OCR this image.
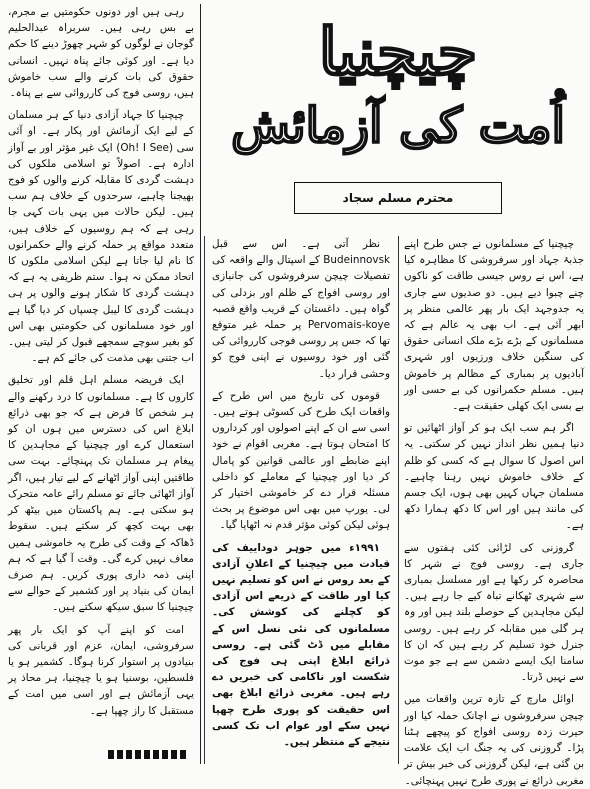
رہی ہیں اور دونوں حکومتیں بے مجرم، بے بس رہی ہیں۔ سربراہ عبدالحلیم گوجان نے لوگوں کو شہر چھوڑ دینے کا حکم دیا ہے۔ اور کوئی جائے پناہ نہیں۔ انسانی حقوق کی بات کرنے والے سب خاموش ہیں، روسی فوج کی کارروائی سے بے پناہ۔

چیچنیا کا جہاد آزادی دنیا کے ہر مسلمان کے لیے ایک آزمائش اور پکار ہے۔ او آئی سی (Oh! I See) ایک غیر مؤثر اور بے آواز ادارہ ہے۔ اصولاً تو اسلامی ملکوں کی دہشت گردی کا مقابلہ کرنے والوں کو فوج بھیجنا چاہیے، سرحدوں کے خلاف ہم سب ہیں۔ لیکن حالات میں یہی بات کہی جا رہی ہے کہ ہم روسیوں کے خلاف ہیں، متعدد مواقع پر حملہ کرنے والے حکمرانوں کا نام لیا جاتا ہے لیکن اسلامی ملکوں کا اتحاد ممکن نہ ہوا۔ ستم ظریفی یہ ہے کہ دہشت گردی کا شکار ہونے والوں پر ہی دہشت گردی کا لیبل چسپاں کر دیا گیا ہے اور خود مسلمانوں کی حکومتیں بھی اس کو بغیر سوچے سمجھے قبول کر لیتی ہیں۔ اب جتنی بھی مذمت کی جائے کم ہے۔

ایک فریضہ مسلم اہل قلم اور تخلیق کاروں کا ہے۔ مسلمانوں کا درد رکھنے والے ہر شخص کا فرض ہے کہ جو بھی ذرائع ابلاغ اس کی دسترس میں ہوں ان کو استعمال کرے اور چیچنیا کے مجاہدین کا پیغام ہر مسلمان تک پہنچائے۔ بہت سی طاقتیں اپنی آواز اٹھانے کے لیے تیار ہیں، اگر آواز اٹھائی جائے تو مسلم رائے عامہ متحرک ہو سکتی ہے۔ ہم پاکستان میں بیٹھ کر بھی بہت کچھ کر سکتے ہیں۔ سقوط ڈھاکہ کے وقت کی طرح یہ خاموشی ہمیں معاف نہیں کرے گی۔ وقت آ گیا ہے کہ ہم اپنی ذمہ داری پوری کریں۔ ہم صرف ایمان کی بنیاد پر اور کشمیر کے حوالے سے چیچنیا کا سبق سیکھ سکتے ہیں۔

امت کو اپنے آپ کو ایک بار پھر سرفروشی، ایمان، عزم اور قربانی کی بنیادوں پر استوار کرنا ہوگا۔ کشمیر ہو یا فلسطین، بوسنیا ہو یا چیچنیا، ہر محاذ پر یہی آزمائش ہے اور اسی میں امت کے مستقبل کا راز چھپا ہے۔

چیچنیا
اُمت کی آزمائش
محترم مسلم سجاد

نظر آتی ہے۔ اس سے قبل Budeinnovsk کے اسپتال والے واقعہ کی تفصیلات چیچن سرفروشوں کی جانبازی اور روسی افواج کے ظلم اور بزدلی کی گواہ ہیں۔ داغستان کے قریب واقع قصبہ Pervomais-koye پر حملہ غیر متوقع تھا کہ جس پر روسی فوجی کارروائی کی گئی اور خود روسیوں نے اپنی فوج کو وحشی قرار دیا۔

قوموں کی تاریخ میں اس طرح کے واقعات ایک طرح کی کسوٹی ہوتے ہیں۔ اسی سے ان کے اپنے اصولوں اور کرداروں کا امتحان ہوتا ہے۔ مغربی اقوام نے خود اپنے ضابطے اور عالمی قوانین کو پامال کر دیا اور چیچنیا کے معاملے کو داخلی مسئلہ قرار دے کر خاموشی اختیار کر لی۔ یورپ میں بھی اس موضوع پر بحث ہوئی لیکن کوئی مؤثر قدم نہ اٹھایا گیا۔

۱۹۹۱ء میں جوہر دوداییف کی قیادت میں چیچنیا کے اعلانِ آزادی کے بعد روس نے اس کو تسلیم نہیں کیا اور طاقت کے ذریعے اس آزادی کو کچلنے کی کوشش کی۔ مسلمانوں کی نئی نسل اس کے مقابلے میں ڈٹ گئی ہے۔ روسی ذرائع ابلاغ اپنی ہی فوج کی شکست اور ناکامی کی خبریں دے رہے ہیں۔ مغربی ذرائع ابلاغ بھی اس حقیقت کو پوری طرح چھپا نہیں سکے اور عوام اب تک کسی نتیجے کے منتظر ہیں۔

چیچنیا کے مسلمانوں نے جس طرح اپنے جذبۂ جہاد اور سرفروشی کا مظاہرہ کیا ہے، اس نے روس جیسی طاقت کو ناکوں چنے چبوا دیے ہیں۔ دو صدیوں سے جاری یہ جدوجہد ایک بار پھر عالمی منظر پر ابھر آئی ہے۔ اب بھی یہ عالم ہے کہ مسلمانوں کے بڑے بڑے ملک انسانی حقوق کی سنگین خلاف ورزیوں اور شہری آبادیوں پر بمباری کے مظالم پر خاموش ہیں۔ مسلم حکمرانوں کی بے حسی اور بے بسی ایک کھلی حقیقت ہے۔

اگر ہم سب ایک ہو کر آواز اٹھائیں تو دنیا ہمیں نظر انداز نہیں کر سکتی۔ یہ اس اصول کا سوال ہے کہ کسی کو ظلم کے خلاف خاموش نہیں رہنا چاہیے۔ مسلمان جہاں کہیں بھی ہوں، ایک جسم کی مانند ہیں اور اس کا دکھ ہمارا دکھ ہے۔

گروزنی کی لڑائی کئی ہفتوں سے جاری ہے۔ روسی فوج نے شہر کا محاصرہ کر رکھا ہے اور مسلسل بمباری سے شہری ٹھکانے تباہ کیے جا رہے ہیں۔ لیکن مجاہدین کے حوصلے بلند ہیں اور وہ ہر گلی میں مقابلہ کر رہے ہیں۔ روسی جنرل خود تسلیم کر رہے ہیں کہ ان کا سامنا ایک ایسے دشمن سے ہے جو موت سے نہیں ڈرتا۔

اوائل مارچ کے تازہ ترین واقعات میں چیچن سرفروشوں نے اچانک حملہ کیا اور حیرت زدہ روسی افواج کو پیچھے ہٹنا پڑا۔ گروزنی کی یہ جنگ اب ایک علامت بن گئی ہے، لیکن گروزنی کی خبر بیش تر مغربی ذرائع نے پوری طرح نہیں پہنچائی۔
